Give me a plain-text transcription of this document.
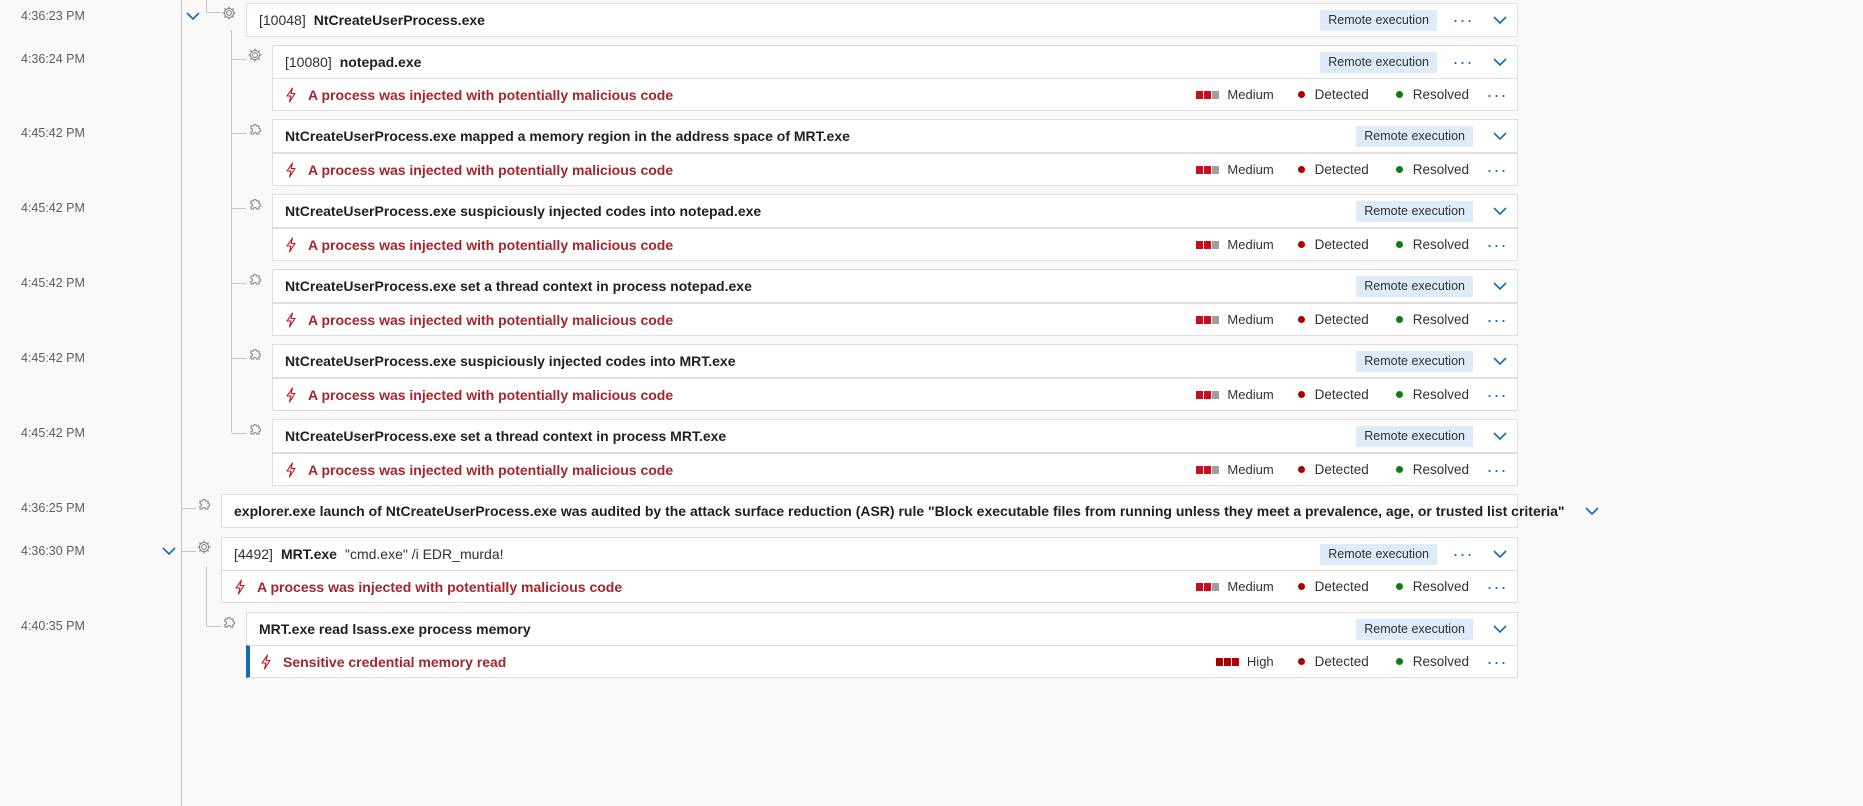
4:36:23 PM	[10048] NtCreateUserProcess.exe	Remote execution	···
4:36:24 PM	[10080] notepad.exe	Remote execution	···
A process was injected with potentially malicious code	Medium	Detected	Resolved ···
4:45:42 PM	NtCreateUserProcess.exe mapped a memory region in the address space of MRT.exe	Remote execution
A process was injected with potentially malicious code	Medium	Detected	Resolved ···
4:45:42 PM	NtCreateUserProcess.exe suspiciously injected codes into notepad.exe	Remote execution
A process was injected with potentially malicious code	Medium	Detected	Resolved ···
4:45:42 PM	NtCreateUserProcess.exe set a thread context in process notepad.exe	Remote execution
A process was injected with potentially malicious code	Medium	Detected	Resolved ···
4:45:42 PM	NtCreateUserProcess.exe suspiciously injected codes into MRT.exe	Remote execution
A process was injected with potentially malicious code	Medium	Detected	Resolved ···
4:45:42 PM	NtCreateUserProcess.exe set a thread context in process MRT.exe	Remote execution
A process was injected with potentially malicious code	Medium	Detected	Resolved ···
4:36:25 PM	explorer.exe launch of NtCreateUserProcess.exe was audited by the attack surface reduction (ASR) rule "Block executable files from running unless they meet a prevalence, age, or trusted list criteria"
4:36:30 PM	[4492] MRT.exe "cmd.exe" /i EDR_murda!	Remote execution	···
A process was injected with potentially malicious code	Medium	Detected	Resolved ···
4:40:35 PM	MRT.exe read lsass.exe process memory	Remote execution
Sensitive credential memory read	High	Detected	Resolved ···
